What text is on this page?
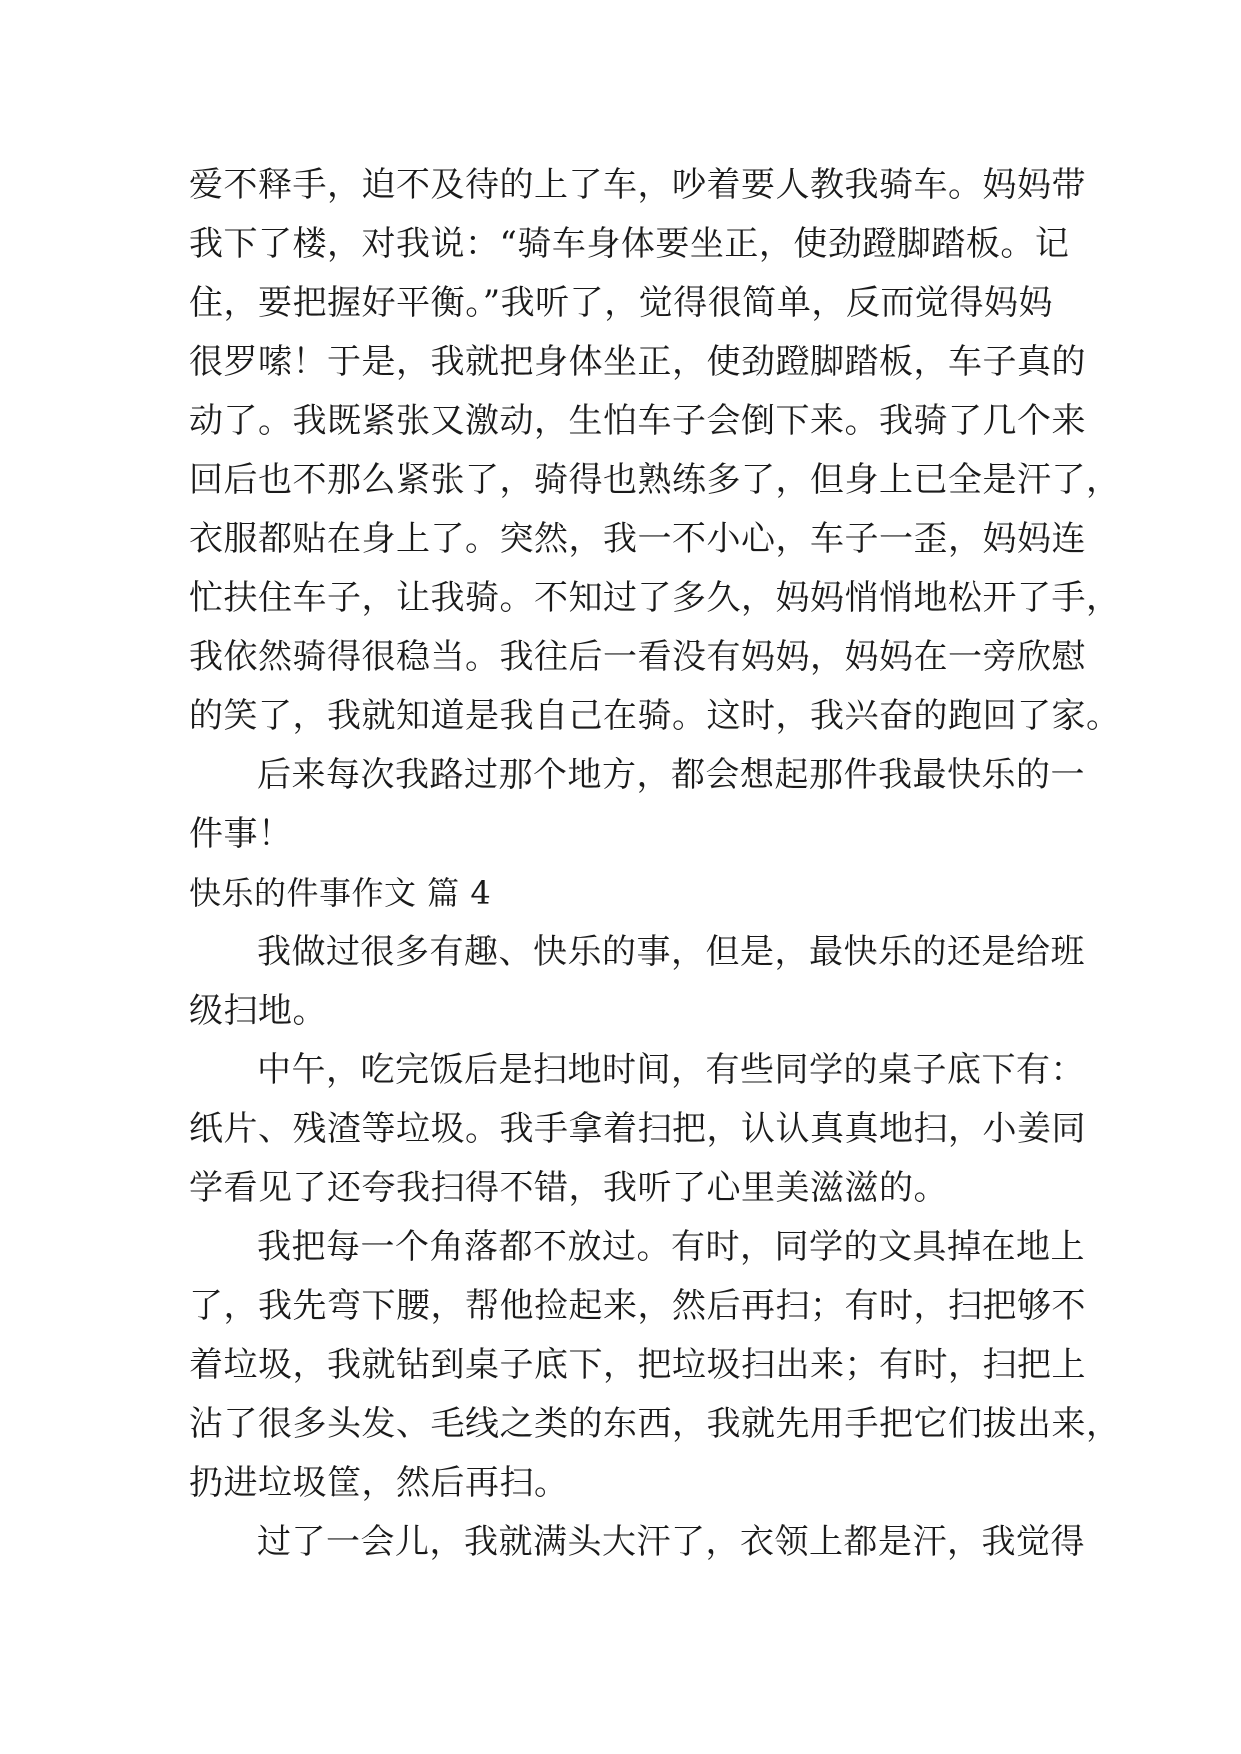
爱不释手，迫不及待的上了车，吵着要人教我骑车。妈妈带
我下了楼，对我说：“骑车身体要坐正，使劲蹬脚踏板。记
住，要把握好平衡。”我听了，觉得很简单，反而觉得妈妈
很罗嗦！于是，我就把身体坐正，使劲蹬脚踏板，车子真的
动了。我既紧张又激动，生怕车子会倒下来。我骑了几个来
回后也不那么紧张了，骑得也熟练多了，但身上已全是汗了，
衣服都贴在身上了。突然，我一不小心，车子一歪，妈妈连
忙扶住车子，让我骑。不知过了多久，妈妈悄悄地松开了手，
我依然骑得很稳当。我往后一看没有妈妈，妈妈在一旁欣慰
的笑了，我就知道是我自己在骑。这时，我兴奋的跑回了家。
后来每次我路过那个地方，都会想起那件我最快乐的一
件事！
快乐的件事作文 篇 4
我做过很多有趣、快乐的事，但是，最快乐的还是给班
级扫地。
中午，吃完饭后是扫地时间，有些同学的桌子底下有：
纸片、残渣等垃圾。我手拿着扫把，认认真真地扫，小姜同
学看见了还夸我扫得不错，我听了心里美滋滋的。
我把每一个角落都不放过。有时，同学的文具掉在地上
了，我先弯下腰，帮他捡起来，然后再扫；有时，扫把够不
着垃圾，我就钻到桌子底下，把垃圾扫出来；有时，扫把上
沾了很多头发、毛线之类的东西，我就先用手把它们拔出来，
扔进垃圾筐，然后再扫。
过了一会儿，我就满头大汗了，衣领上都是汗，我觉得
